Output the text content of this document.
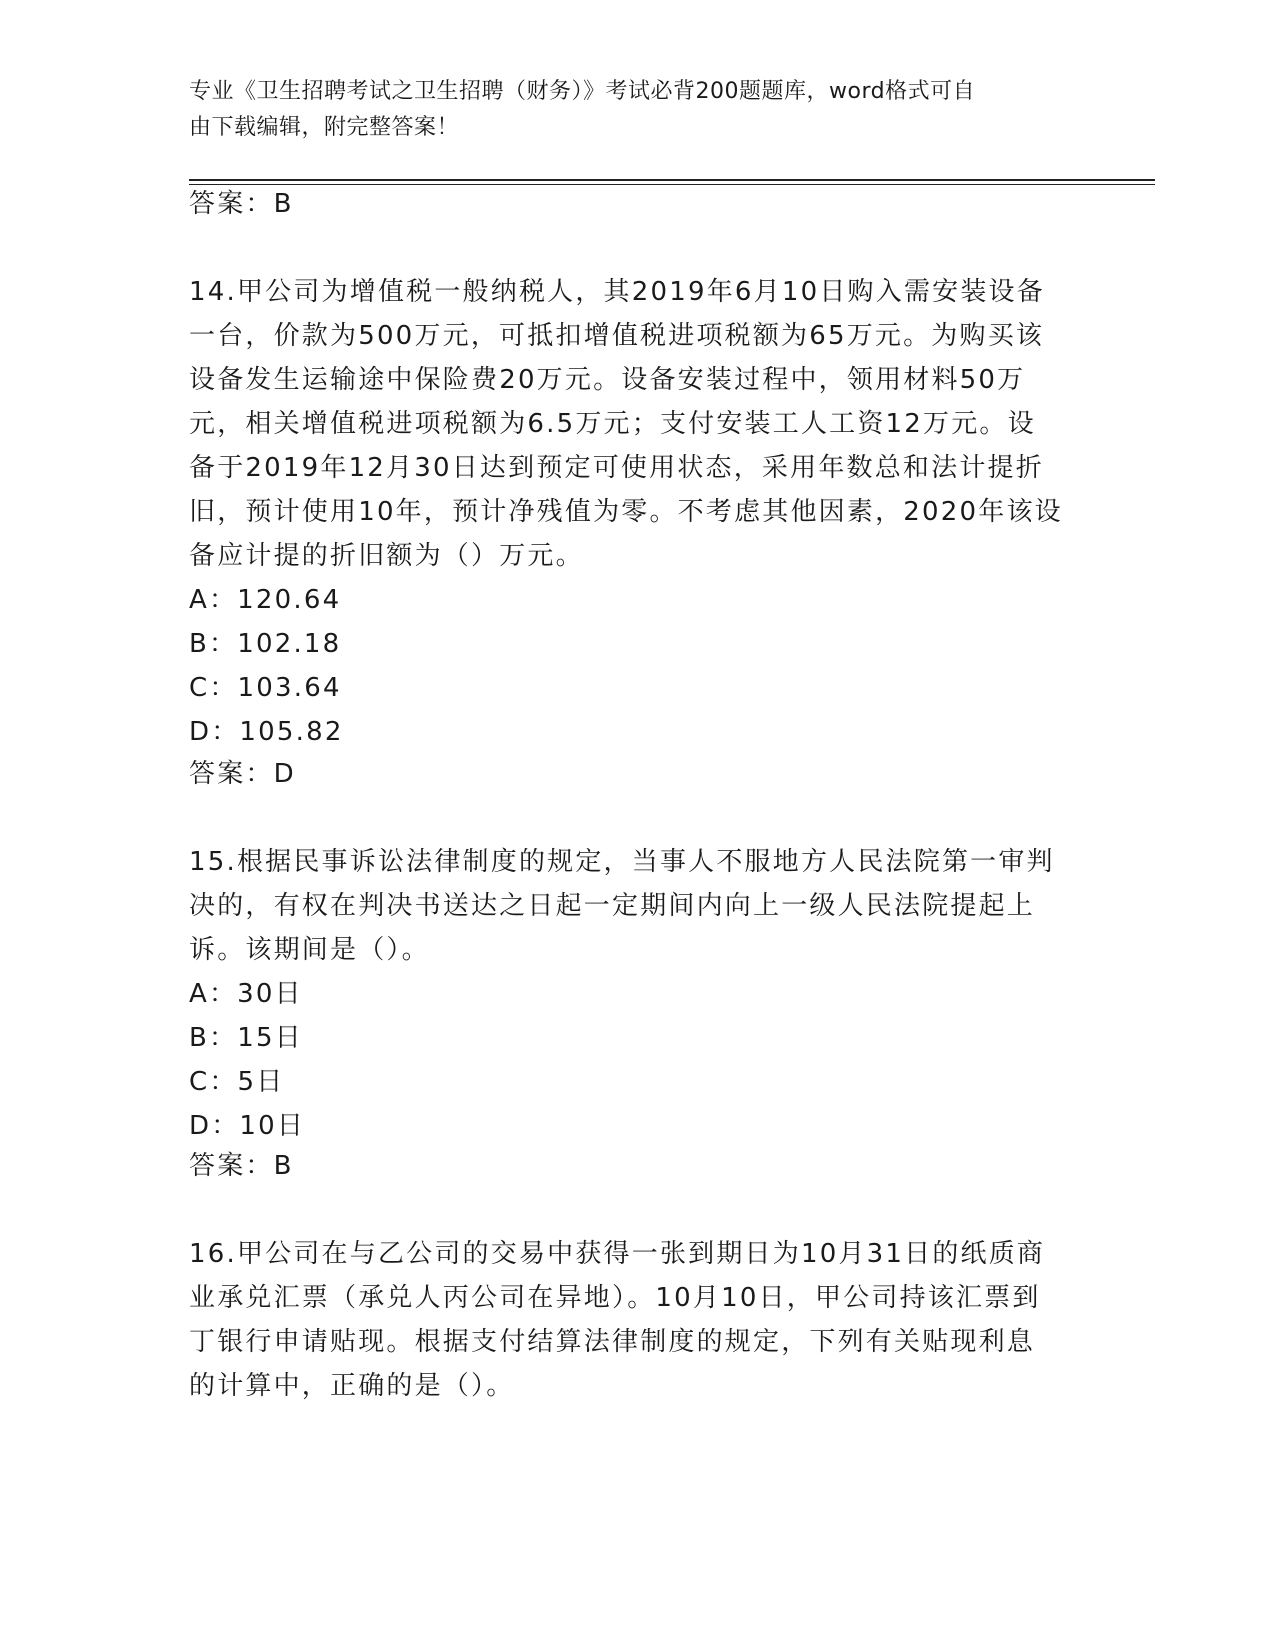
专业《卫生招聘考试之卫生招聘（财务）》考试必背200题题库，word格式可自
由下载编辑，附完整答案！
答案：B
14.甲公司为增值税一般纳税人，其2019年6月10日购入需安装设备
一台，价款为500万元，可抵扣增值税进项税额为65万元。为购买该
设备发生运输途中保险费20万元。设备安装过程中，领用材料50万
元，相关增值税进项税额为6.5万元；支付安装工人工资12万元。设
备于2019年12月30日达到预定可使用状态，采用年数总和法计提折
旧，预计使用10年，预计净残值为零。不考虑其他因素，2020年该设
备应计提的折旧额为（）万元。
A：120.64
B：102.18
C：103.64
D：105.82
答案：D
15.根据民事诉讼法律制度的规定，当事人不服地方人民法院第一审判
决的，有权在判决书送达之日起一定期间内向上一级人民法院提起上
诉。该期间是（）。
A：30日
B：15日
C：5日
D：10日
答案：B
16.甲公司在与乙公司的交易中获得一张到期日为10月31日的纸质商
业承兑汇票（承兑人丙公司在异地）。10月10日，甲公司持该汇票到
丁银行申请贴现。根据支付结算法律制度的规定，下列有关贴现利息
的计算中，正确的是（）。
